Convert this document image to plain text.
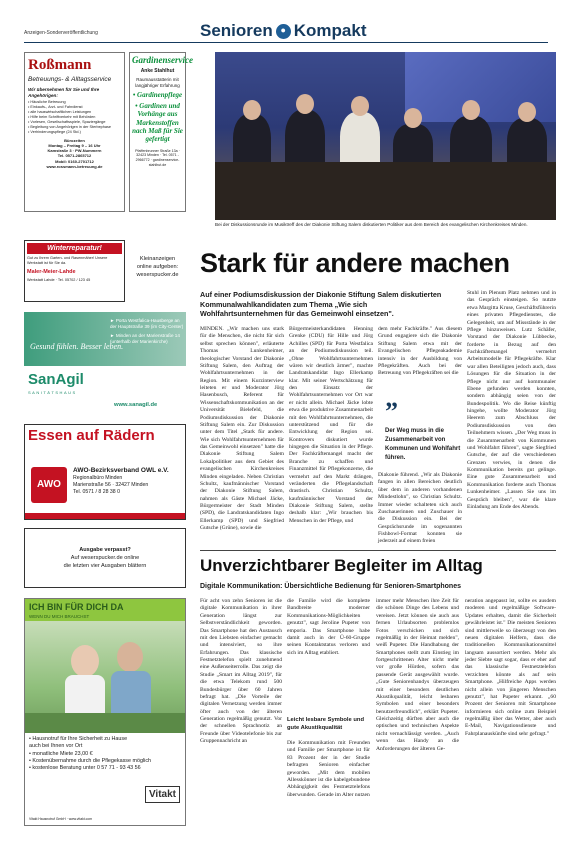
Anzeigen-Sonderveröffentlichung	Senioren ● Kompakt
Roßmann
Betreuungs- & Alltagsservice
Wir übernehmen für Sie und Ihre Angehörigen:
• Häusliche Betreuung
• Einkaufs-, Arzt- und Fahrdienst
• alle hauswirtschaftlichen Leistungen
• Hilfe beim Schriftverkehr mit Behörden
• Vorlesen, Gesellschaftsspiele, Spaziergänge
• Begleitung von Angehörigen in der Sterbephase
• Verhinderungspflege (24 Std.)
Bürozeiten
Montag – Freitag 9 – 16 Uhr
Kamstraße 3 · PW-Nummern
Tel. 0571-2865712
Mobil: 0160-2701712
www.rossmann-betreuung.de
Gardinenservice
Anke Stahlhut
Raumausstatterin mit langjähriger Erfahrung
• Gardinenpflege
• Gardinen und Vorhänge aus Markenstoffen nach Maß für Sie gefertigt
Pfaffenbrunner Straße 13a · 32423 Minden · Tel. 0571 - 2966772 · gardinenservice-stahlhut.de
Winterreparatur!
Gut zu Ihrem Garten- und Rasenmäher! Unsere Werkstatt ist für Sie da.
Maler-Meier-Lahde
Werkstatt Lahde · Tel. 05702 / 123 45
Kleinanzeigen
online aufgeben:
weserspucker.de
Gesund fühlen. Besser leben.
SanAgil
SANITÄTSHAUS
► Porta Westfalica-Hausberge an der Hauptstraße 39 (im City-Center)
► Minden an der Marienstraße 14 (unterhalb der Marienkirche)
www.sanagil.de
Essen auf Rädern
AWO
AWO-Bezirksverband OWL e.V.
Regionalbüro Minden
Marienstraße 56 · 32427 Minden
Tel. 0571 / 8 28 38 0
Ausgabe verpasst?
Auf weserspucker.de online
die letzten vier Ausgaben blättern
ICH BIN FÜR DICH DA
WENN DU MICH BRAUCHST
• Hausnotruf für Ihre Sicherheit zu Hause
auch bei Ihnen vor Ort
• monatliche Miete 23,00 €
• Kostenübernahme durch die Pflegekasse möglich
• kostenlose Beratung unter 0 57 71 - 93 43 56
Vitakt
Vitakt Hausnotruf GmbH · www.vitakt.com
Bei der Diskussionsrunde im Musiktreff des der Diakonie Stiftung Salem diskutierten Politiker aus dem Bereich des evangelischen Kirchenkreises Minden.
Stark für andere machen
Auf einer Podiumsdiskussion der Diakonie Stiftung Salem diskutierten Kommunalwahlkandidaten zum Thema „Wie sich Wohlfahrtsunternehmen für das Gemeinwohl einsetzen".
MINDEN. „Wir machen uns stark für die Menschen, die nicht für sich selbst sprechen können", erläuterte Thomas Lunkenheimer, theologischer Vorstand der Diakonie Stiftung Salem, den Auftrag der Wohlfahrtsunternehmen in der Region. Mit einem Kurzinterview leiteten er und Moderator Jörg Hasenbusch, Referent für Wissenschaftskommunikation an der Universität Bielefeld, die Podiumsdiskussion der Diakonie Stiftung Salem ein. Zur Diskussion unter dem Titel „Stark für andere. Wie sich Wohlfahrtsunternehmen für das Gemeinwohl einsetzen" hatte die Diakonie Stiftung Salem Lokalpolitiker aus dem Gebiet des evangelischen Kirchenkreises Minden eingeladen. Neben Christian Schultz, kaufmännischer Vorstand der Diakonie Stiftung Salem, nahmen als Gäste Michael Jäcke, Bürgermeister der Stadt Minden (SPD), die Landratskandidaten Ingo Ellerkamp (SPD) und Siegfried Gutsche (Grüne), sowie die
Bürgermeisterkandidaten Henning Grenke (CDU) für Hille und Jörg Achilles (SPD) für Porta Westfalica an der Podiumsdiskussion teil. „Ohne Wohlfahrtsunternehmen wären wir deutlich ärmer", machte Landratskandidat Ingo Ellerkamp klar. Mit seiner Wertschätzung für den Einsatz der Wohlfahrtsunternehmen vor Ort war er nicht allein. Michael Jäcke lobte etwa die produktive Zusammenarbeit mit den Wohlfahrtsunternehmen, die unterstützend und für die Entwicklung der Region sei. Kontrovers diskutiert wurde hingegen die Situation in der Pflege. Der Fachkräftemangel macht der Branche zu schaffen und Finanzmittel für Pflegekonzerne, die vermehrt auf den Markt drängen, veränderten die Pflegelandschaft drastisch. Christian Schultz, kaufmännischer Vorstand der Diakonie Stiftung Salem, stellte deshalb klar: „Wir brauchen bis Menschen in der Pflege, und
dem mehr Fachkräfte." Aus diesem Grund engagiere sich die Diakonie Stiftung Salem etwa mit der Evangelischen Pflegeakademie intensiv in der Ausbildung von Pflegekräften. Auch bei der Betreuung von Pflegekräften sei die
”
Der Weg muss in die Zusammenarbeit von Kommunen und Wohlfahrt führen.
Diakonie führend. „Wir als Diakonie fangen in allen Bereichen deutlich über dem in anderen vorhandenen Mindestlohn", so Christian Schultz. Immer wieder schalteten sich auch Zuschauerinnen und Zuschauer in die Diskussion ein. Bei der Gesprächsrunde im sogenannten Fishbowl-Format konnten sie jederzeit auf einem freien
Stuhl im Plenum Platz nehmen und in das Gespräch einsteigen. So nutzte etwa Margitta Kruse, Geschäftsführerin eines privaten Pflegedienstes, die Gelegenheit, um auf Missstände in der Pflege hinzuweisen. Lutz Schäfer, Vorstand der Diakonie Lübbecke, forderte in Bezug auf den Fachkräftemangel vermehrt Arbeitsmodelle für Pflegekräfte. Klar war allen Beteiligten jedoch auch, dass Lösungen für die Situation in der Pflege nicht nur auf kommunaler Ebene gefunden werden konnten, sondern abhängig seien von der Bundespolitik. Wo die Reise künftig hingehe, wollte Moderator Jörg Heerem zum Abschluss der Podiumsdiskussion von den Teilnehmern wissen. „Der Weg muss in die Zusammenarbeit von Kommunen und Wohlfahrt führen", sagte Siegfried Gutsche, der auf die verschiedenen Grenzen verwies, in denen die Kommunikation bereits gut gelinge. Eine gute Zusammenarbeit und Kommunikation forderte auch Thomas Lunkenheimer. „Lassen Sie uns im Gespräch bleiben", war die klare Einladung am Ende des Abends.
Unverzichtbarer Begleiter im Alltag
Digitale Kommunikation: Übersichtliche Bedienung für Senioren-Smartphones
Für acht von zehn Senioren ist die digitale Kommunikation in ihrer Generation längst zur Selbstverständlichkeit geworden. Das Smartphone hat den Austausch mit den Liebsten einfacher gemacht und intensiviert, so ihre Erfahrungen. Das klassische Festnetztelefon spielt zunehmend eine Außenseiterrolle. Das zeigt die Studie „Smart im Alltag 2019", für die etwa Telekom rund 500 Bundesbürger über 60 Jahren befragt hat. „Die Vorteile der digitalen Vernetzung werden immer öfter auch von der älteren Generation regelmäßig genutzt. Vor der schnellen Sprachnotiz an Freunde über Videotelefonie bis zur Gruppennachricht an
die Familie wird die komplette Bandbreite moderner Kommunikations-Möglichkeiten genutzt", sagt Jeroline Pupeter von emporia. Das Smartphone habe damit auch in der Ü-60-Gruppe seinen Kontaktstatus verloren und sich im Alltag etabliert.
Leicht lesbare Symbole und gute Akustikqualität
Die Kommunikation mit Freunden und Familie per Smartphone ist für 83 Prozent der in der Studie befragten Senioren einfacher geworden. „Mit dem mobilen Allesskönner ist die kabelgebundene Abhängigkeit des Festnetztelefons überwunden. Gerade im Alter nutzen
immer mehr Menschen ihre Zeit für die schönen Dinge des Lebens und vereisen. Jetzt können sie auch aus fernen Urlaubsorten problemlos Fotos verschicken und sich regelmäßig in der Heimat melden", weiß Pupeter. Die Handhabung der Smartphones stellt zum Einstieg im fortgeschrittenen Alter nicht mehr vor große Hürden, sofern das passende Gerät ausgewählt wurde. „Gute Seniorenhandys überzeugen mit einer besonders deutlichen Akustikqualität, leicht lesbaren Symbolen und einer besonders benutzerfreundlich", erklärt Pupeter. Gleichzeitig dürften aber auch die optischen und technischen Aspekte nicht vernachlässigt werden. „Auch wenn das Handy an die Anforderungen der älteren Ge-
neration angepasst ist, sollte es ausdem moderen und regelmäßige Software-Updates erhalten, damit die Sicherheit gewährleistet ist." Die meisten Senioren sind mittlerweile so überzeugt von den neuen digitalen Helfern, dass die traditionellen Kommunikationsmittel langsam aussortiert werden. Mehr als jeder Siebte sagt sogar, dass er eher auf das klassische Festnetztelefon verzichten könnte als auf sein Smartphone. „Hilfreiche Apps werden nicht allein von jüngeren Menschen genutzt", hat Pupeter erkannt. „60 Prozent der Senioren mit Smartphone informieren sich online zum Beispiel regelmäßig über das Wetter, aber auch E-Mail, Navigationsdienste und Fahrplanauskünfte sind sehr gefragt."
